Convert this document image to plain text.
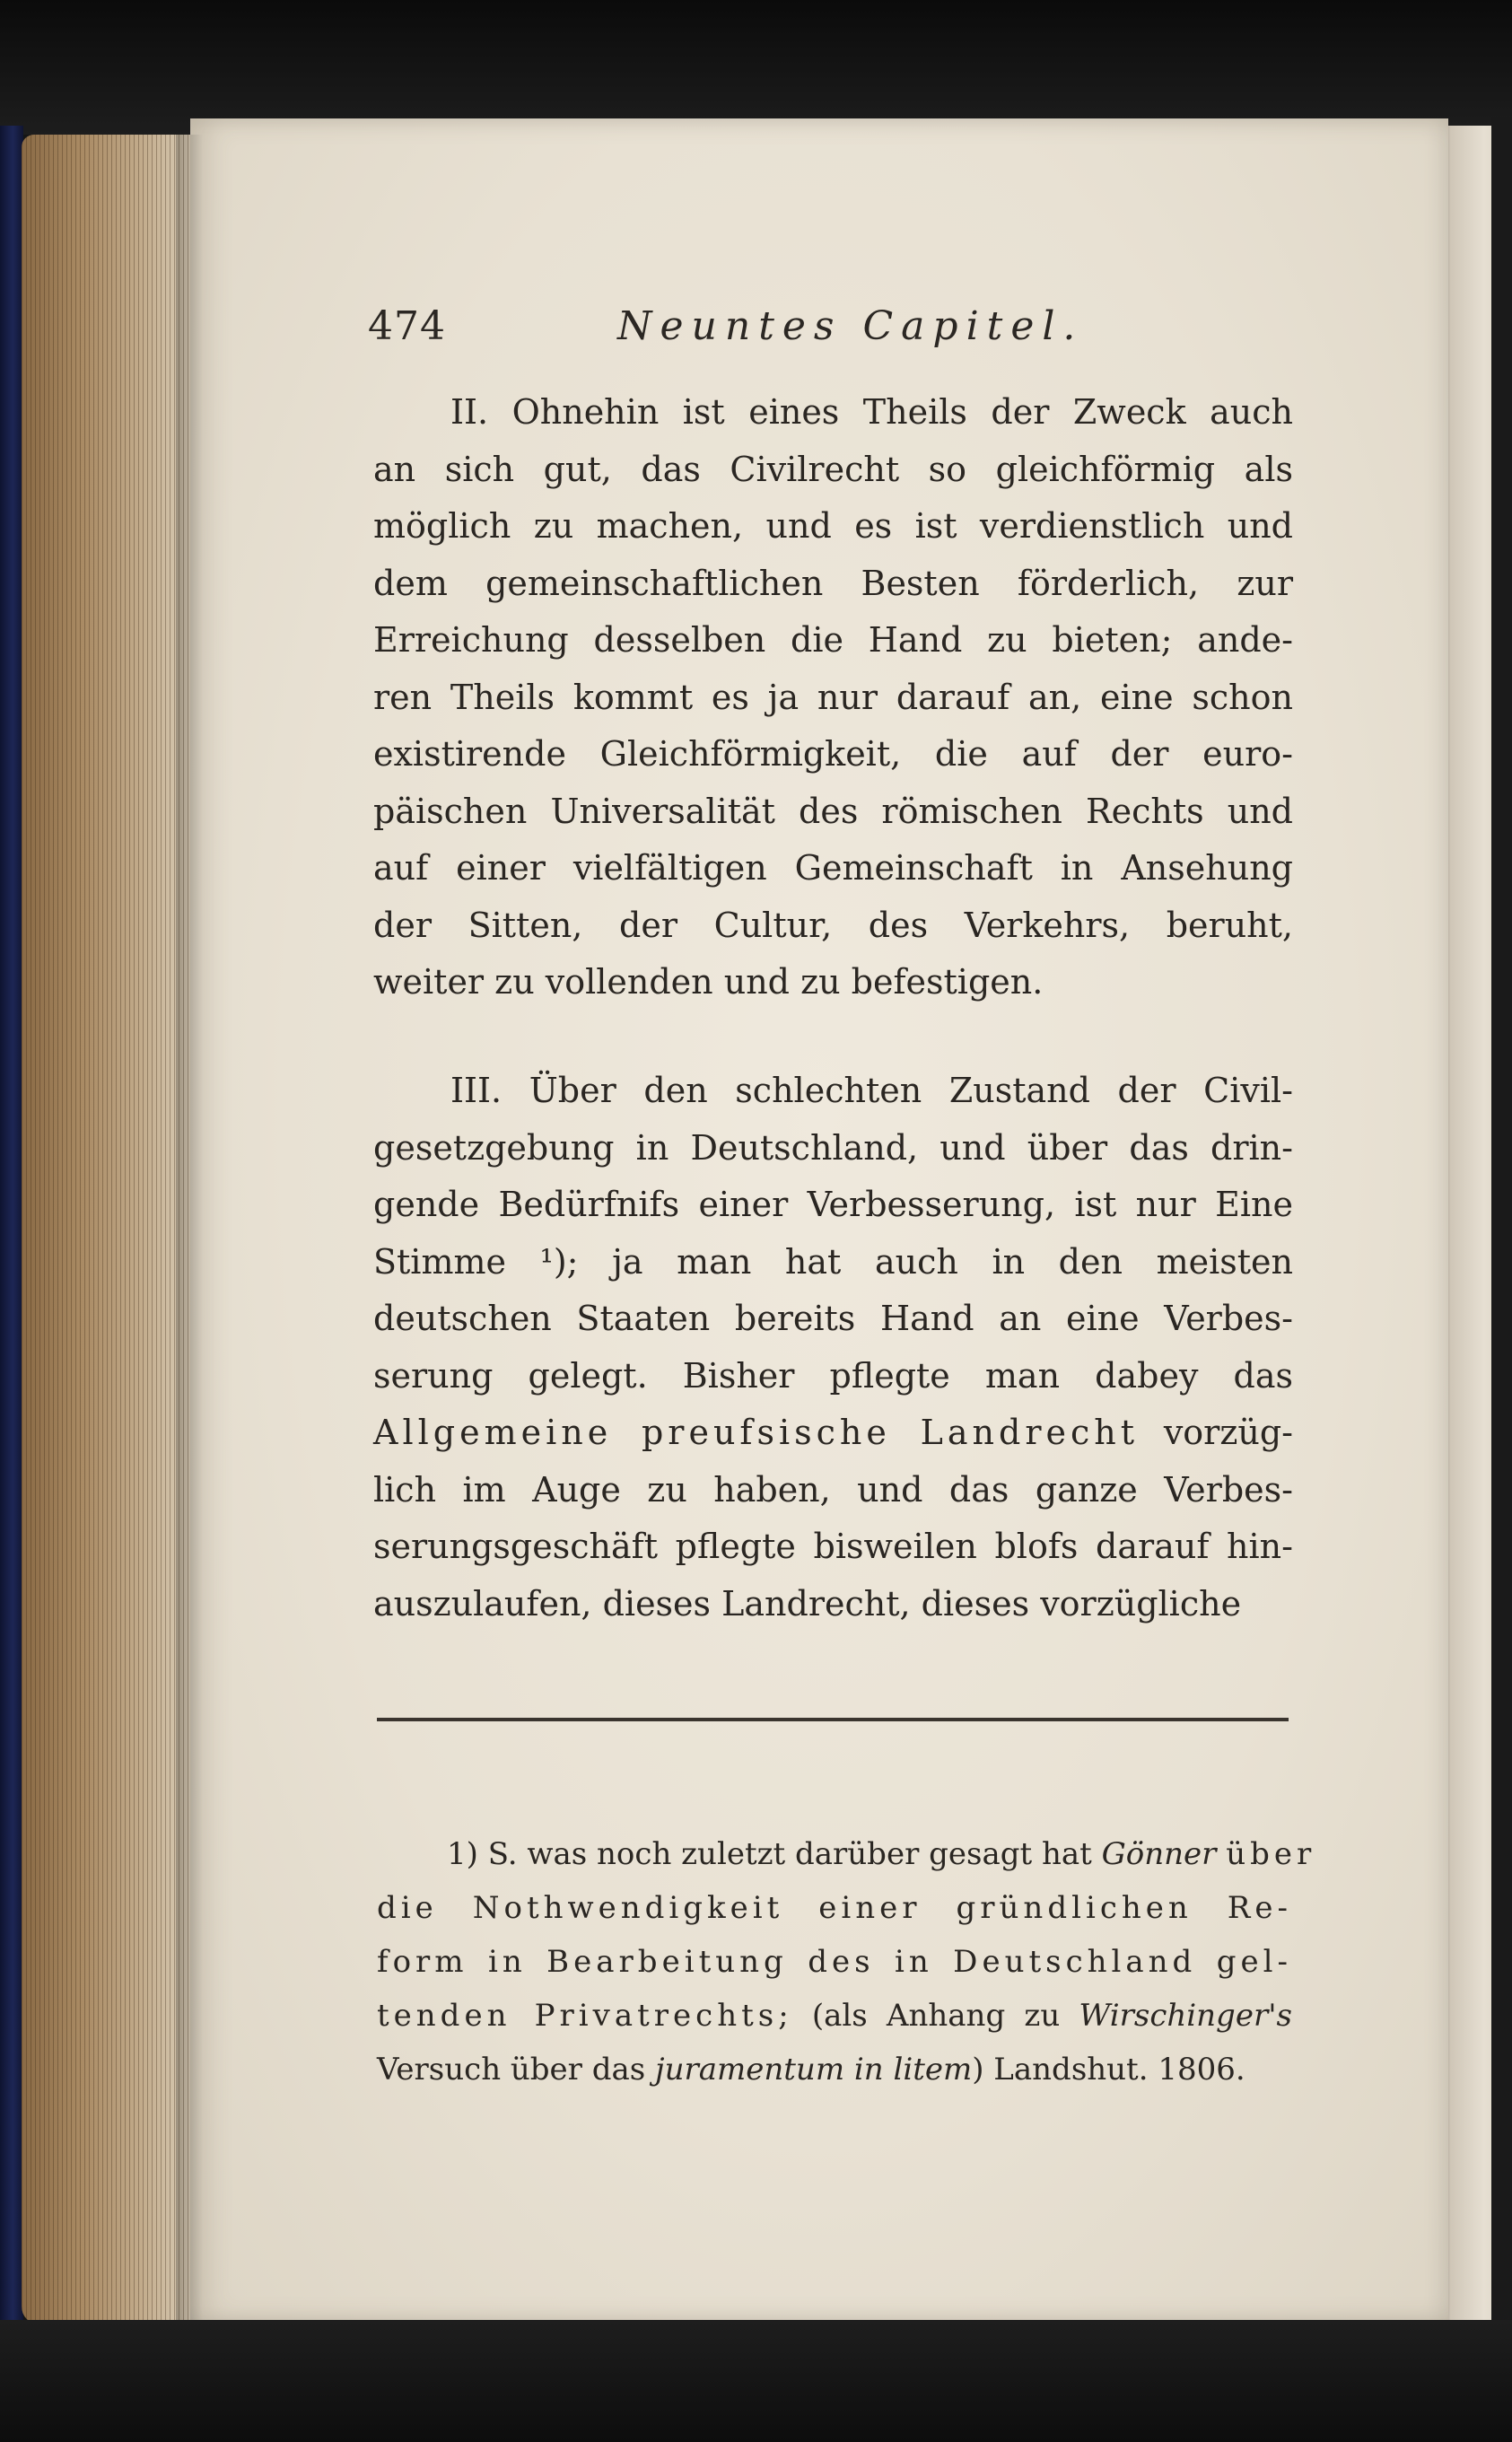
474	Neuntes Capitel.
II. Ohnehin ist eines Theils der Zweck auch
an sich gut, das Civilrecht so gleichförmig als
möglich zu machen, und es ist verdienstlich und
dem gemeinschaftlichen Besten förderlich, zur
Erreichung desselben die Hand zu bieten; ande-
ren Theils kommt es ja nur darauf an, eine schon
existirende Gleichförmigkeit, die auf der euro-
päischen Universalität des römischen Rechts und
auf einer vielfältigen Gemeinschaft in Ansehung
der Sitten, der Cultur, des Verkehrs, beruht,
weiter zu vollenden und zu befestigen.
III. Über den schlechten Zustand der Civil-
gesetzgebung in Deutschland, und über das drin-
gende Bedürfnifs einer Verbesserung, ist nur Eine
Stimme ¹); ja man hat auch in den meisten
deutschen Staaten bereits Hand an eine Verbes-
serung gelegt. Bisher pflegte man dabey das
Allgemeine preufsische Landrecht vorzüg-
lich im Auge zu haben, und das ganze Verbes-
serungsgeschäft pflegte bisweilen blofs darauf hin-
auszulaufen, dieses Landrecht, dieses vorzügliche
1) S. was noch zuletzt darüber gesagt hat Gönner über
die Nothwendigkeit einer gründlichen Re-
form in Bearbeitung des in Deutschland gel-
tenden Privatrechts; (als Anhang zu Wirschinger's
Versuch über das juramentum in litem) Landshut. 1806.
